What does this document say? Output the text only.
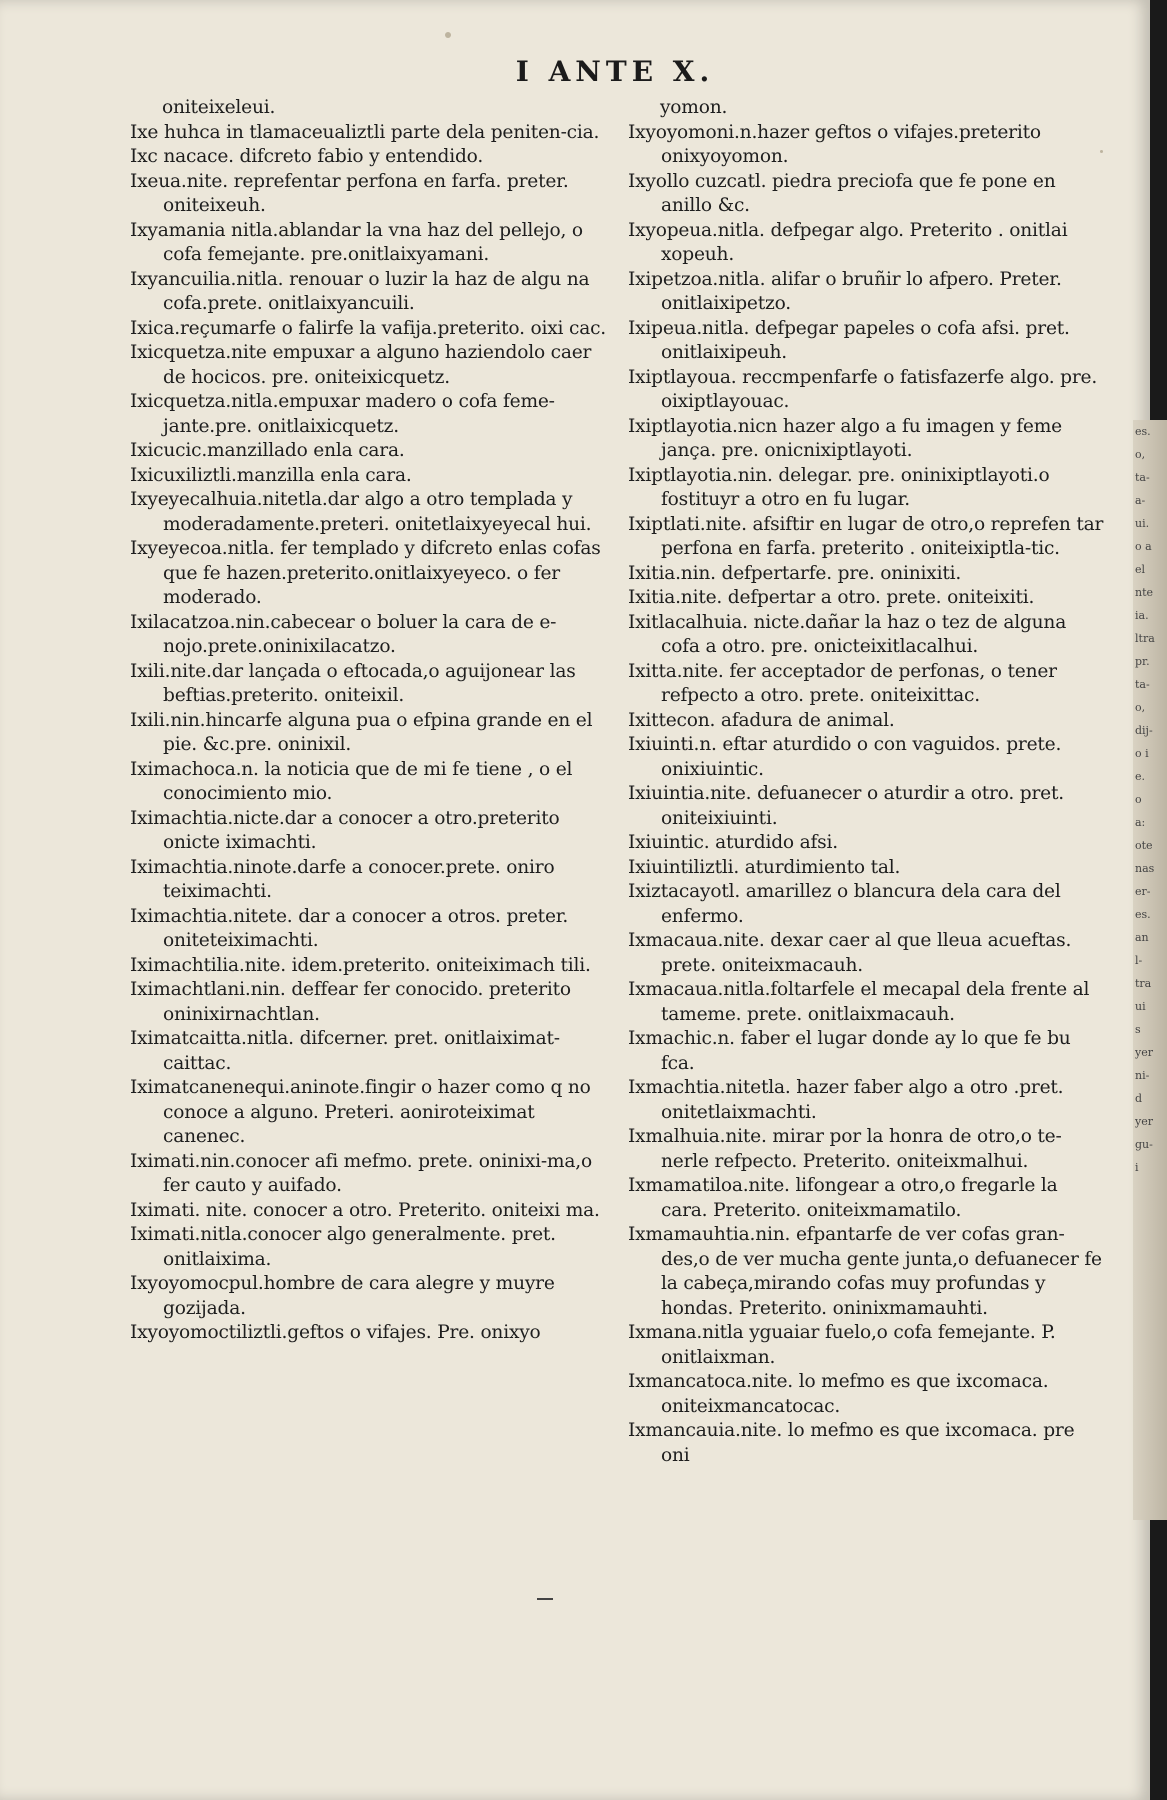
I ANTE X.
oniteixeleui.
Ixe huhca in tlamaceualiztli parte dela peniten-cia.
Ixc nacace. difcreto fabio y entendido.
Ixeua.nite. reprefentar perfona en farfa. preter. oniteixeuh.
Ixyamania nitla.ablandar la vna haz del pellejo, o cofa femejante. pre.onitlaixyamani.
Ixyancuilia.nitla. renouar o luzir la haz de algu na cofa.prete. onitlaixyancuili.
Ixica.reçumarfe o falirfe la vafija.preterito. oixi cac.
Ixicquetza.nite empuxar a alguno haziendolo caer de hocicos. pre. oniteixicquetz.
Ixicquetza.nitla.empuxar madero o cofa feme-jante.pre. onitlaixicquetz.
Ixicucic.manzillado enla cara.
Ixicuxiliztli.manzilla enla cara.
Ixyeyecalhuia.nitetla.dar algo a otro templada y moderadamente.preteri. onitetlaixyeyecal hui.
Ixyeyecoa.nitla. fer templado y difcreto enlas cofas que fe hazen.preterito.onitlaixyeyeco. o fer moderado.
Ixilacatzoa.nin.cabecear o boluer la cara de e-nojo.prete.oninixilacatzo.
Ixili.nite.dar lançada o eftocada,o aguijonear las beftias.preterito. oniteixil.
Ixili.nin.hincarfe alguna pua o efpina grande en el pie. &c.pre. oninixil.
Iximachoca.n. la noticia que de mi fe tiene , o el conocimiento mio.
Iximachtia.nicte.dar a conocer a otro.preterito onicte iximachti.
Iximachtia.ninote.darfe a conocer.prete. oniro teiximachti.
Iximachtia.nitete. dar a conocer a otros. preter. oniteteiximachti.
Iximachtilia.nite. idem.preterito. oniteiximach tili.
Iximachtlani.nin. deffear fer conocido. preterito oninixirnachtlan.
Iximatcaitta.nitla. difcerner. pret. onitlaiximat-caittac.
Iximatcanenequi.aninote.fingir o hazer como q no conoce a alguno. Preteri. aoniroteiximat canenec.
Iximati.nin.conocer afi mefmo. prete. oninixi-ma,o fer cauto y auifado.
Iximati. nite. conocer a otro. Preterito. oniteixi ma.
Iximati.nitla.conocer algo generalmente. pret. onitlaixima.
Ixyoyomocpul.hombre de cara alegre y muyre gozijada.
Ixyoyomoctiliztli.geftos o vifajes. Pre. onixyo
yomon.
Ixyoyomoni.n.hazer geftos o vifajes.preterito onixyoyomon.
Ixyollo cuzcatl. piedra preciofa que fe pone en anillo &c.
Ixyopeua.nitla. defpegar algo. Preterito . onitlai xopeuh.
Ixipetzoa.nitla. alifar o bruñir lo afpero. Preter. onitlaixipetzo.
Ixipeua.nitla. defpegar papeles o cofa afsi. pret. onitlaixipeuh.
Ixiptlayoua. reccmpenfarfe o fatisfazerfe algo. pre. oixiptlayouac.
Ixiptlayotia.nicn hazer algo a fu imagen y feme jança. pre. onicnixiptlayoti.
Ixiptlayotia.nin. delegar. pre. oninixiptlayoti.o fostituyr a otro en fu lugar.
Ixiptlati.nite. afsiftir en lugar de otro,o reprefen tar perfona en farfa. preterito . oniteixiptla-tic.
Ixitia.nin. defpertarfe. pre. oninixiti.
Ixitia.nite. defpertar a otro. prete. oniteixiti.
Ixitlacalhuia. nicte.dañar la haz o tez de alguna cofa a otro. pre. onicteixitlacalhui.
Ixitta.nite. fer acceptador de perfonas, o tener refpecto a otro. prete. oniteixittac.
Ixittecon. afadura de animal.
Ixiuinti.n. eftar aturdido o con vaguidos. prete. onixiuintic.
Ixiuintia.nite. defuanecer o aturdir a otro. pret. oniteixiuinti.
Ixiuintic. aturdido afsi.
Ixiuintiliztli. aturdimiento tal.
Ixiztacayotl. amarillez o blancura dela cara del enfermo.
Ixmacaua.nite. dexar caer al que lleua acueftas. prete. oniteixmacauh.
Ixmacaua.nitla.foltarfele el mecapal dela frente al tameme. prete. onitlaixmacauh.
Ixmachic.n. faber el lugar donde ay lo que fe bu fca.
Ixmachtia.nitetla. hazer faber algo a otro .pret. onitetlaixmachti.
Ixmalhuia.nite. mirar por la honra de otro,o te-nerle refpecto. Preterito. oniteixmalhui.
Ixmamatiloa.nite. lifongear a otro,o fregarle la cara. Preterito. oniteixmamatilo.
Ixmamauhtia.nin. efpantarfe de ver cofas gran-des,o de ver mucha gente junta,o defuanecer fe la cabeça,mirando cofas muy profundas y hondas. Preterito. oninixmamauhti.
Ixmana.nitla yguaiar fuelo,o cofa femejante. P. onitlaixman.
Ixmancatoca.nite. lo mefmo es que ixcomaca. oniteixmancatocac.
Ixmancauia.nite. lo mefmo es que ixcomaca. pre oni
es.
o,
ta-
a-
ui.
o a
el
nte
ia.
ltra
pr.
ta-
o,
dij-
o i
e.
o
a:
ote
nas
er-
es.
an
l-
tra
ui
s
yer
ni-
d
yer
gu-
i
